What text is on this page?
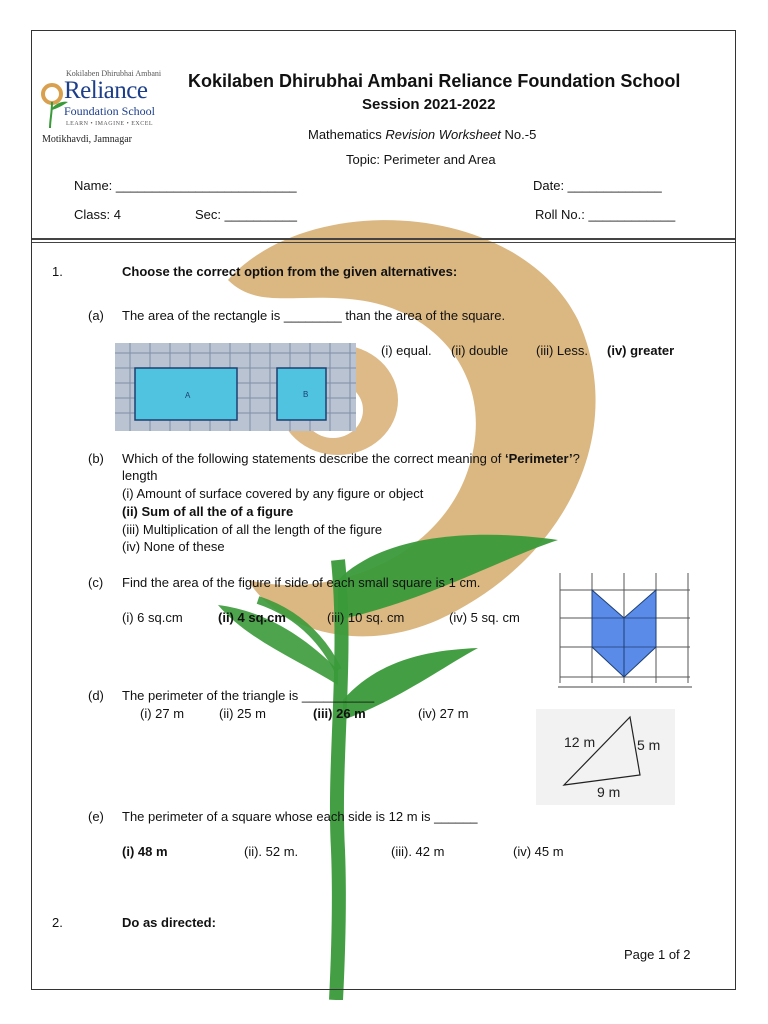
Kokilaben Dhirubhai Ambani
Reliance
Foundation School
LEARN • IMAGINE • EXCEL
Motikhavdi, Jamnagar
Kokilaben Dhirubhai Ambani Reliance Foundation School
Session 2021-2022
Mathematics Revision Worksheet No.-5
Topic: Perimeter and Area
Name: _________________________	Date: _____________
Class: 4	Sec: __________	Roll No.: ____________
1.	Choose the correct option from the given alternatives:
(a) The area of the rectangle is ________ than the area of the square.
A	B
(i) equal. (ii) double (iii) Less. (iv) greater
(b) Which of the following statements describe the correct meaning of ‘Perimeter’?
length
(i) Amount of surface covered by any figure or object
(ii) Sum of all the of a figure
(iii) Multiplication of all the length of the figure
(iv) None of these
(c) Find the area of the figure if side of each small square is 1 cm.
(i) 6 sq.cm	(ii) 4 sq.cm	(iii) 10 sq. cm	(iv) 5 sq. cm
(d) The perimeter of the triangle is __________
(i) 27 m	(ii) 25 m	(iii) 26 m	(iv) 27 m
12 m	5 m
9 m
(e) The perimeter of a square whose each side is 12 m is ______
(i) 48 m	(ii). 52 m.	(iii). 42 m	(iv) 45 m
2.	Do as directed:
Page 1 of 2
